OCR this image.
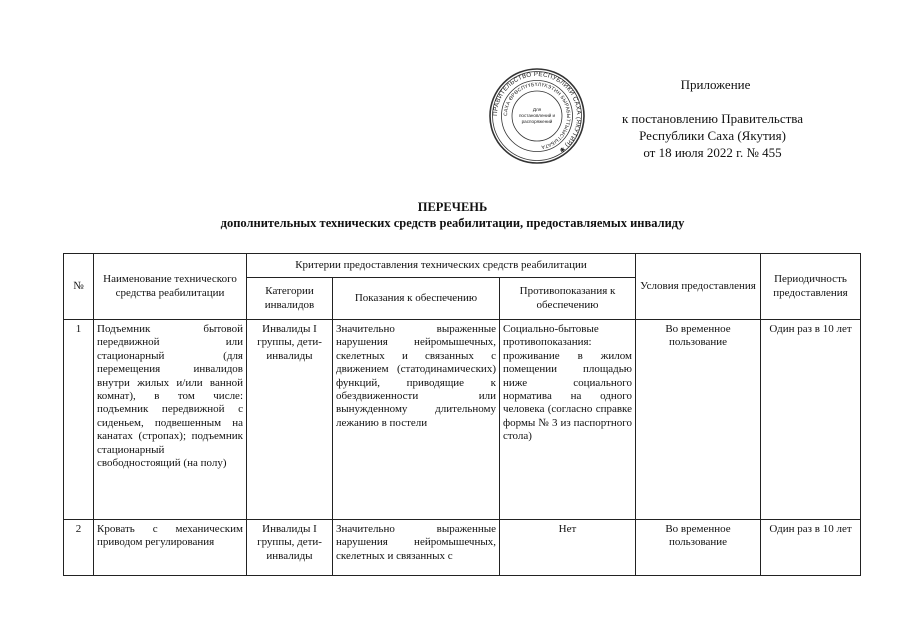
ПРАВИТЕЛЬСТВО РЕСПУБЛИКИ САХА (ЯКУТИЯ) ✱
САХА ӨРӨСПҮҮБҮЛҮКЭТИН БЫРАБЫТТЫЫСТЫБАТА
Для
постановлений и
распоряжений
Приложение
к постановлению Правительства
Республики Саха (Якутия)
от 18 июля 2022 г. № 455
ПЕРЕЧЕНЬ
дополнительных технических средств реабилитации, предоставляемых инвалиду
№	Наименование технического средства реабилитации	Критерии предоставления технических средств реабилитации			Условия предоставления	Периодичность предоставления
		Категории инвалидов	Показания к обеспечению	Противопоказания к обеспечению		
1	Подъемник бытовой передвижной или стационарный (для перемещения инвалидов внутри жилых и/или ванной комнат), в том числе: подъемник передвижной с сиденьем, подвешенным на канатах (стропах); подъемник стационарный свободностоящий (на полу)	Инвалиды I группы, дети-инвалиды	Значительно выраженные нарушения нейромышечных, скелетных и связанных с движением (статодинамических) функций, приводящие к обездвиженности или вынужденному длительному лежанию в постели	Социально-бытовые противопоказания: проживание в жилом помещении площадью ниже социального норматива на одного человека (согласно справке формы № 3 из паспортного стола)	Во временное пользование	Один раз в 10 лет
2	Кровать с механическим приводом регулирования	Инвалиды I группы, дети-инвалиды	Значительно выраженные нарушения нейромышечных, скелетных и связанных с	Нет	Во временное пользование	Один раз в 10 лет
